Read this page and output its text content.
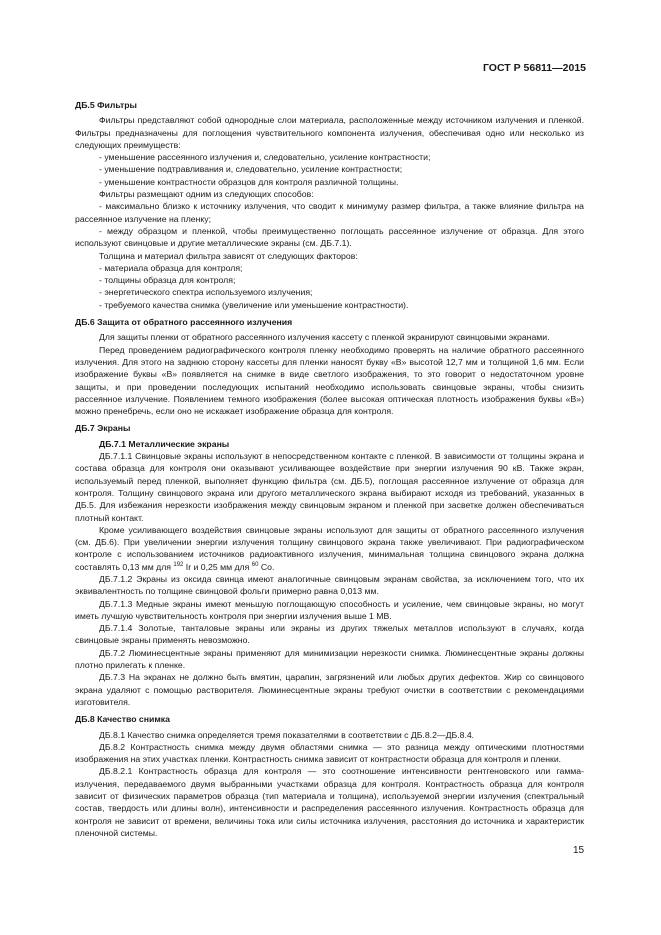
ГОСТ Р 56811—2015

ДБ.5 Фильтры

Фильтры представляют собой однородные слои материала, расположенные между источником излучения и пленкой. Фильтры предназначены для поглощения чувствительного компонента излучения, обеспечивая одно или несколько из следующих преимуществ:

- уменьшение рассеянного излучения и, следовательно, усиление контрастности;

- уменьшение подтравливания и, следовательно, усиление контрастности;

- уменьшение контрастности образцов для контроля различной толщины.

Фильтры размещают одним из следующих способов:

- максимально близко к источнику излучения, что сводит к минимуму размер фильтра, а также влияние фильтра на рассеянное излучение на пленку;

- между образцом и пленкой, чтобы преимущественно поглощать рассеянное излучение от образца. Для этого используют свинцовые и другие металлические экраны (см. ДБ.7.1).

Толщина и материал фильтра зависят от следующих факторов:

- материала образца для контроля;

- толщины образца для контроля;

- энергетического спектра используемого излучения;

- требуемого качества снимка (увеличение или уменьшение контрастности).

ДБ.6 Защита от обратного рассеянного излучения

Для защиты пленки от обратного рассеянного излучения кассету с пленкой экранируют свинцовыми экранами.

Перед проведением радиографического контроля пленку необходимо проверять на наличие обратного рассеянного излучения. Для этого на заднюю сторону кассеты для пленки наносят букву «В» высотой 12,7 мм и толщиной 1,6 мм. Если изображение буквы «В» появляется на снимке в виде светлого изображения, то это говорит о недостаточном уровне защиты, и при проведении последующих испытаний необходимо использовать свинцовые экраны, чтобы снизить рассеянное излучение. Появлением темного изображения (более высокая оптическая плотность изображения буквы «В») можно пренебречь, если оно не искажает изображение образца для контроля.

ДБ.7 Экраны

ДБ.7.1 Металлические экраны

ДБ.7.1.1 Свинцовые экраны используют в непосредственном контакте с пленкой. В зависимости от толщины экрана и состава образца для контроля они оказывают усиливающее воздействие при энергии излучения 90 кВ. Также экран, используемый перед пленкой, выполняет функцию фильтра (см. ДБ.5), поглощая рассеянное излучение от образца для контроля. Толщину свинцового экрана или другого металлического экрана выбирают исходя из требований, указанных в ДБ.5. Для избежания нерезкости изображения между свинцовым экраном и пленкой при засветке должен обеспечиваться плотный контакт.

Кроме усиливающего воздействия свинцовые экраны используют для защиты от обратного рассеянного излучения (см. ДБ.6). При увеличении энергии излучения толщину свинцового экрана также увеличивают. При радиографическом контроле с использованием источников радиоактивного излучения, минимальная толщина свинцового экрана должна составлять 0,13 мм для $^{192}$ Ir и 0,25 мм для $^{60}$ Co.

ДБ.7.1.2 Экраны из оксида свинца имеют аналогичные свинцовым экранам свойства, за исключением того, что их эквивалентность по толщине свинцовой фольги примерно равна 0,013 мм.

ДБ.7.1.3 Медные экраны имеют меньшую поглощающую способность и усиление, чем свинцовые экраны, но могут иметь лучшую чувствительность контроля при энергии излучения выше 1 МВ.

ДБ.7.1.4 Золотые, танталовые экраны или экраны из других тяжелых металлов используют в случаях, когда свинцовые экраны применять невозможно.

ДБ.7.2 Люминесцентные экраны применяют для минимизации нерезкости снимка. Люминесцентные экраны должны плотно прилегать к пленке.

ДБ.7.3 На экранах не должно быть вмятин, царапин, загрязнений или любых других дефектов. Жир со свинцового экрана удаляют с помощью растворителя. Люминесцентные экраны требуют очистки в соответствии с рекомендациями изготовителя.

ДБ.8 Качество снимка

ДБ.8.1 Качество снимка определяется тремя показателями в соответствии с ДБ.8.2—ДБ.8.4.

ДБ.8.2 Контрастность снимка между двумя областями снимка — это разница между оптическими плотностями изображения на этих участках пленки. Контрастность снимка зависит от контрастности образца для контроля и пленки.

ДБ.8.2.1 Контрастность образца для контроля — это соотношение интенсивности рентгеновского или гамма-излучения, передаваемого двумя выбранными участками образца для контроля. Контрастность образца для контроля зависит от физических параметров образца (тип материала и толщина), используемой энергии излучения (спектральный состав, твердость или длины волн), интенсивности и распределения рассеянного излучения. Контрастность образца для контроля не зависит от времени, величины тока или силы источника излучения, расстояния до источника и характеристик пленочной системы.

15
